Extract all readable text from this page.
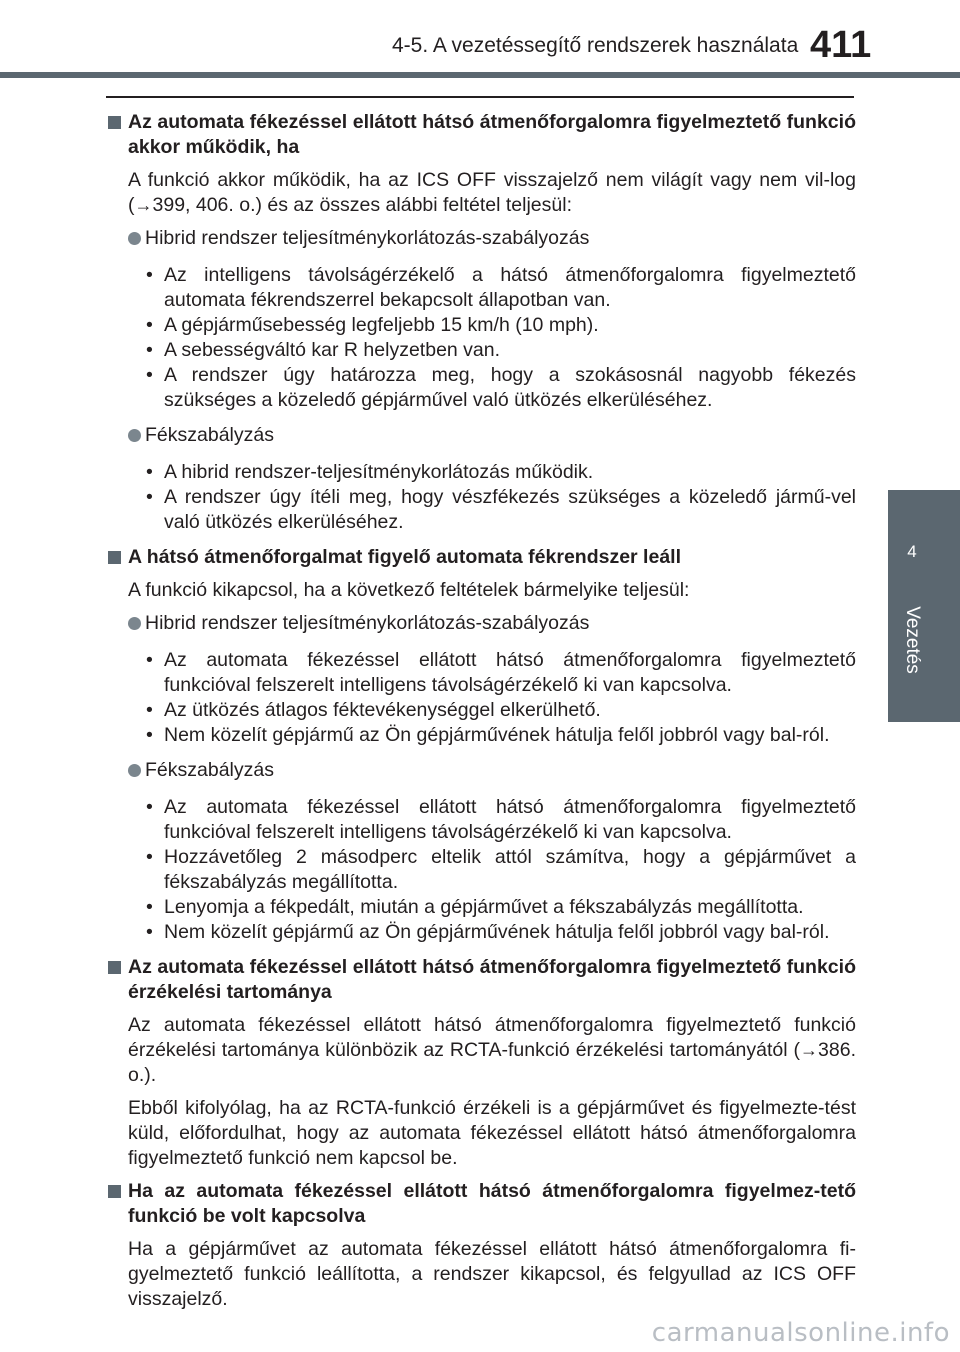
4-5. A vezetéssegítő rendszerek használata 411
4
Vezetés
Az automata fékezéssel ellátott hátsó átmenőforgalomra figyelmeztető funkció akkor működik, ha

A funkció akkor működik, ha az ICS OFF visszajelző nem világít vagy nem vil-log (→399, 406. o.) és az összes alábbi feltétel teljesül:

Hibrid rendszer teljesítménykorlátozás-szabályozás
• Az intelligens távolságérzékelő a hátsó átmenőforgalomra figyelmeztető automata fékrendszerrel bekapcsolt állapotban van.
• A gépjárműsebesség legfeljebb 15 km/h (10 mph).
• A sebességváltó kar R helyzetben van.
• A rendszer úgy határozza meg, hogy a szokásosnál nagyobb fékezés szükséges a közeledő gépjárművel való ütközés elkerüléséhez.
Fékszabályzás
• A hibrid rendszer-teljesítménykorlátozás működik.
• A rendszer úgy ítéli meg, hogy vészfékezés szükséges a közeledő jármű-vel való ütközés elkerüléséhez.
A hátsó átmenőforgalmat figyelő automata fékrendszer leáll

A funkció kikapcsol, ha a következő feltételek bármelyike teljesül:

Hibrid rendszer teljesítménykorlátozás-szabályozás
• Az automata fékezéssel ellátott hátsó átmenőforgalomra figyelmeztető funkcióval felszerelt intelligens távolságérzékelő ki van kapcsolva.
• Az ütközés átlagos féktevékenységgel elkerülhető.
• Nem közelít gépjármű az Ön gépjárművének hátulja felől jobbról vagy bal-ról.
Fékszabályzás
• Az automata fékezéssel ellátott hátsó átmenőforgalomra figyelmeztető funkcióval felszerelt intelligens távolságérzékelő ki van kapcsolva.
• Hozzávetőleg 2 másodperc eltelik attól számítva, hogy a gépjárművet a fékszabályzás megállította.
• Lenyomja a fékpedált, miután a gépjárművet a fékszabályzás megállította.
• Nem közelít gépjármű az Ön gépjárművének hátulja felől jobbról vagy bal-ról.
Az automata fékezéssel ellátott hátsó átmenőforgalomra figyelmeztető funkció érzékelési tartománya

Az automata fékezéssel ellátott hátsó átmenőforgalomra figyelmeztető funkció érzékelési tartománya különbözik az RCTA-funkció érzékelési tartományától (→386. o.).

Ebből kifolyólag, ha az RCTA-funkció érzékeli is a gépjárművet és figyelmezte-tést küld, előfordulhat, hogy az automata fékezéssel ellátott hátsó átmenőforgalomra figyelmeztető funkció nem kapcsol be.

Ha az automata fékezéssel ellátott hátsó átmenőforgalomra figyelmez-tető funkció be volt kapcsolva

Ha a gépjárművet az automata fékezéssel ellátott hátsó átmenőforgalomra fi-gyelmeztető funkció leállította, a rendszer kikapcsol, és felgyullad az ICS OFF visszajelző.

carmanualsonline.info
